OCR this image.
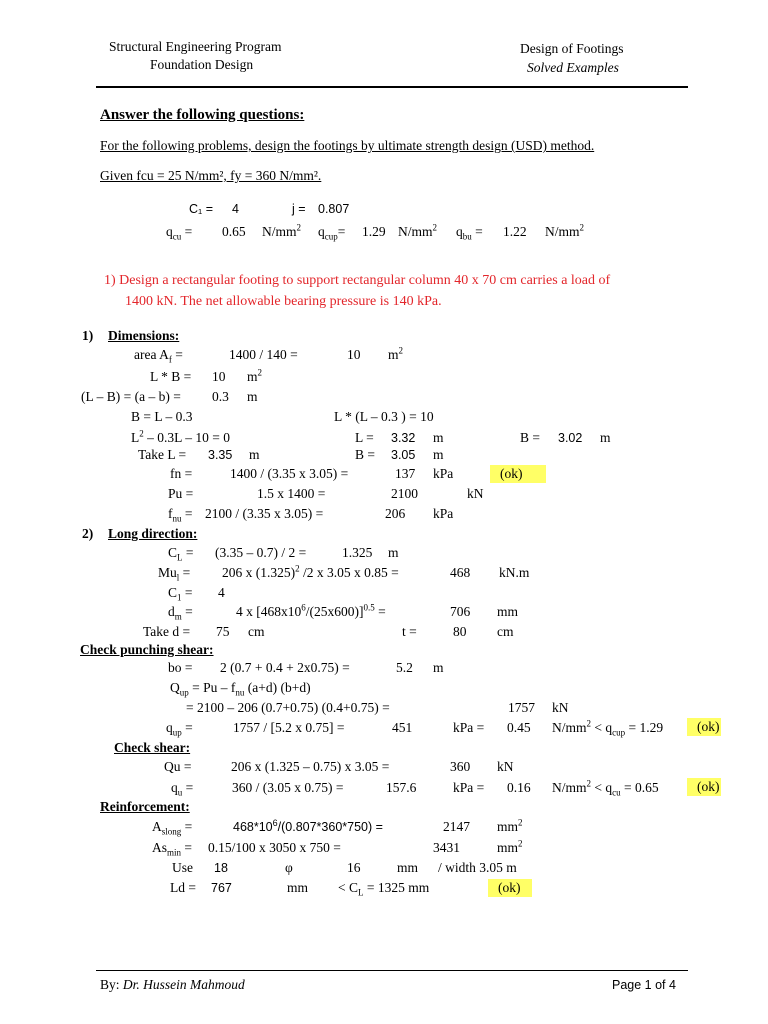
Structural Engineering Program
Foundation Design
Design of Footings
Solved Examples
Answer the following questions:
For the following problems, design the footings by ultimate strength design (USD) method.
Given fcu = 25 N/mm², fy = 360 N/mm².
C₁ = 4	j = 0.807
$q_{cu} = 0.65$ $N/mm^2$ $q_{cup}= 1.29$ $N/mm^2$ $q_{bu} = 1.22$ $N/mm^2$
1) Design a rectangular footing to support rectangular column 40 x 70 cm carries a load of
1400 kN. The net allowable bearing pressure is 140 kPa.
1) Dimensions:
area $A_f$ =	1400 / 140 =	10 $m^2$
L * B = 10 $m^2$
(L – B) = (a – b) = 0.3 m
B = L – 0.3	L * (L – 0.3 ) = 10
$L^2 - 0.3L - 10 = 0$	L = 3.32 m	B = 3.02 m
Take L = 3.35 m	B = 3.05 m
fn =	1400 / (3.35 x 3.05) =	137 kPa	(ok)
Pu =	1.5 x 1400 =	2100	kN
$f_{nu} = 2100 / (3.35$ x 3.05) =	206 kPa
2) Long direction:
$C_L = (3.35 - 0.7) / 2$ =	1.325 m
$Mu_l = 206$ x $(1.325)^2$ /2 x 3.05 x 0.85 =	468 kN.m
$C_1 = 4$
$d_m$ =	4 x $[468x10^6/(25x600)]^{0.5}$ =	706 mm
Take d = 75 cm	t =	80 cm
Check punching shear:
bo = 2 (0.7 + 0.4 + 2x0.75) =	5.2 m
$Q_{up} = Pu - f_{nu}$ (a+d) (b+d)
= 2100 – 206 (0.7+0.75) (0.4+0.75) =	1757 kN
$q_{up}$ =	1757 / [5.2 x 0.75] =	451	kPa = 0.45 $N/mm^2 < q_{cup} = 1.29$	(ok)
Check shear:
Qu =	206 x (1.325 – 0.75) x 3.05 =	360 kN
$q_u$ =	360 / (3.05 x 0.75) =	157.6	kPa = 0.16 $N/mm^2 < q_{cu} = 0.65$	(ok)
Reinforcement:
$A_{slong}$ =	$468*10^6/(0.807*360*750)$ =	2147 $mm^2$
$As_{min} = 0.15/100$ x 3050 x 750 =	3431	$mm^2$
Use 18	φ	16	mm / width 3.05 m
Ld = 767	mm < $C_L = 1325$ mm	(ok)
By: Dr. Hussein Mahmoud	Page 1 of 4
